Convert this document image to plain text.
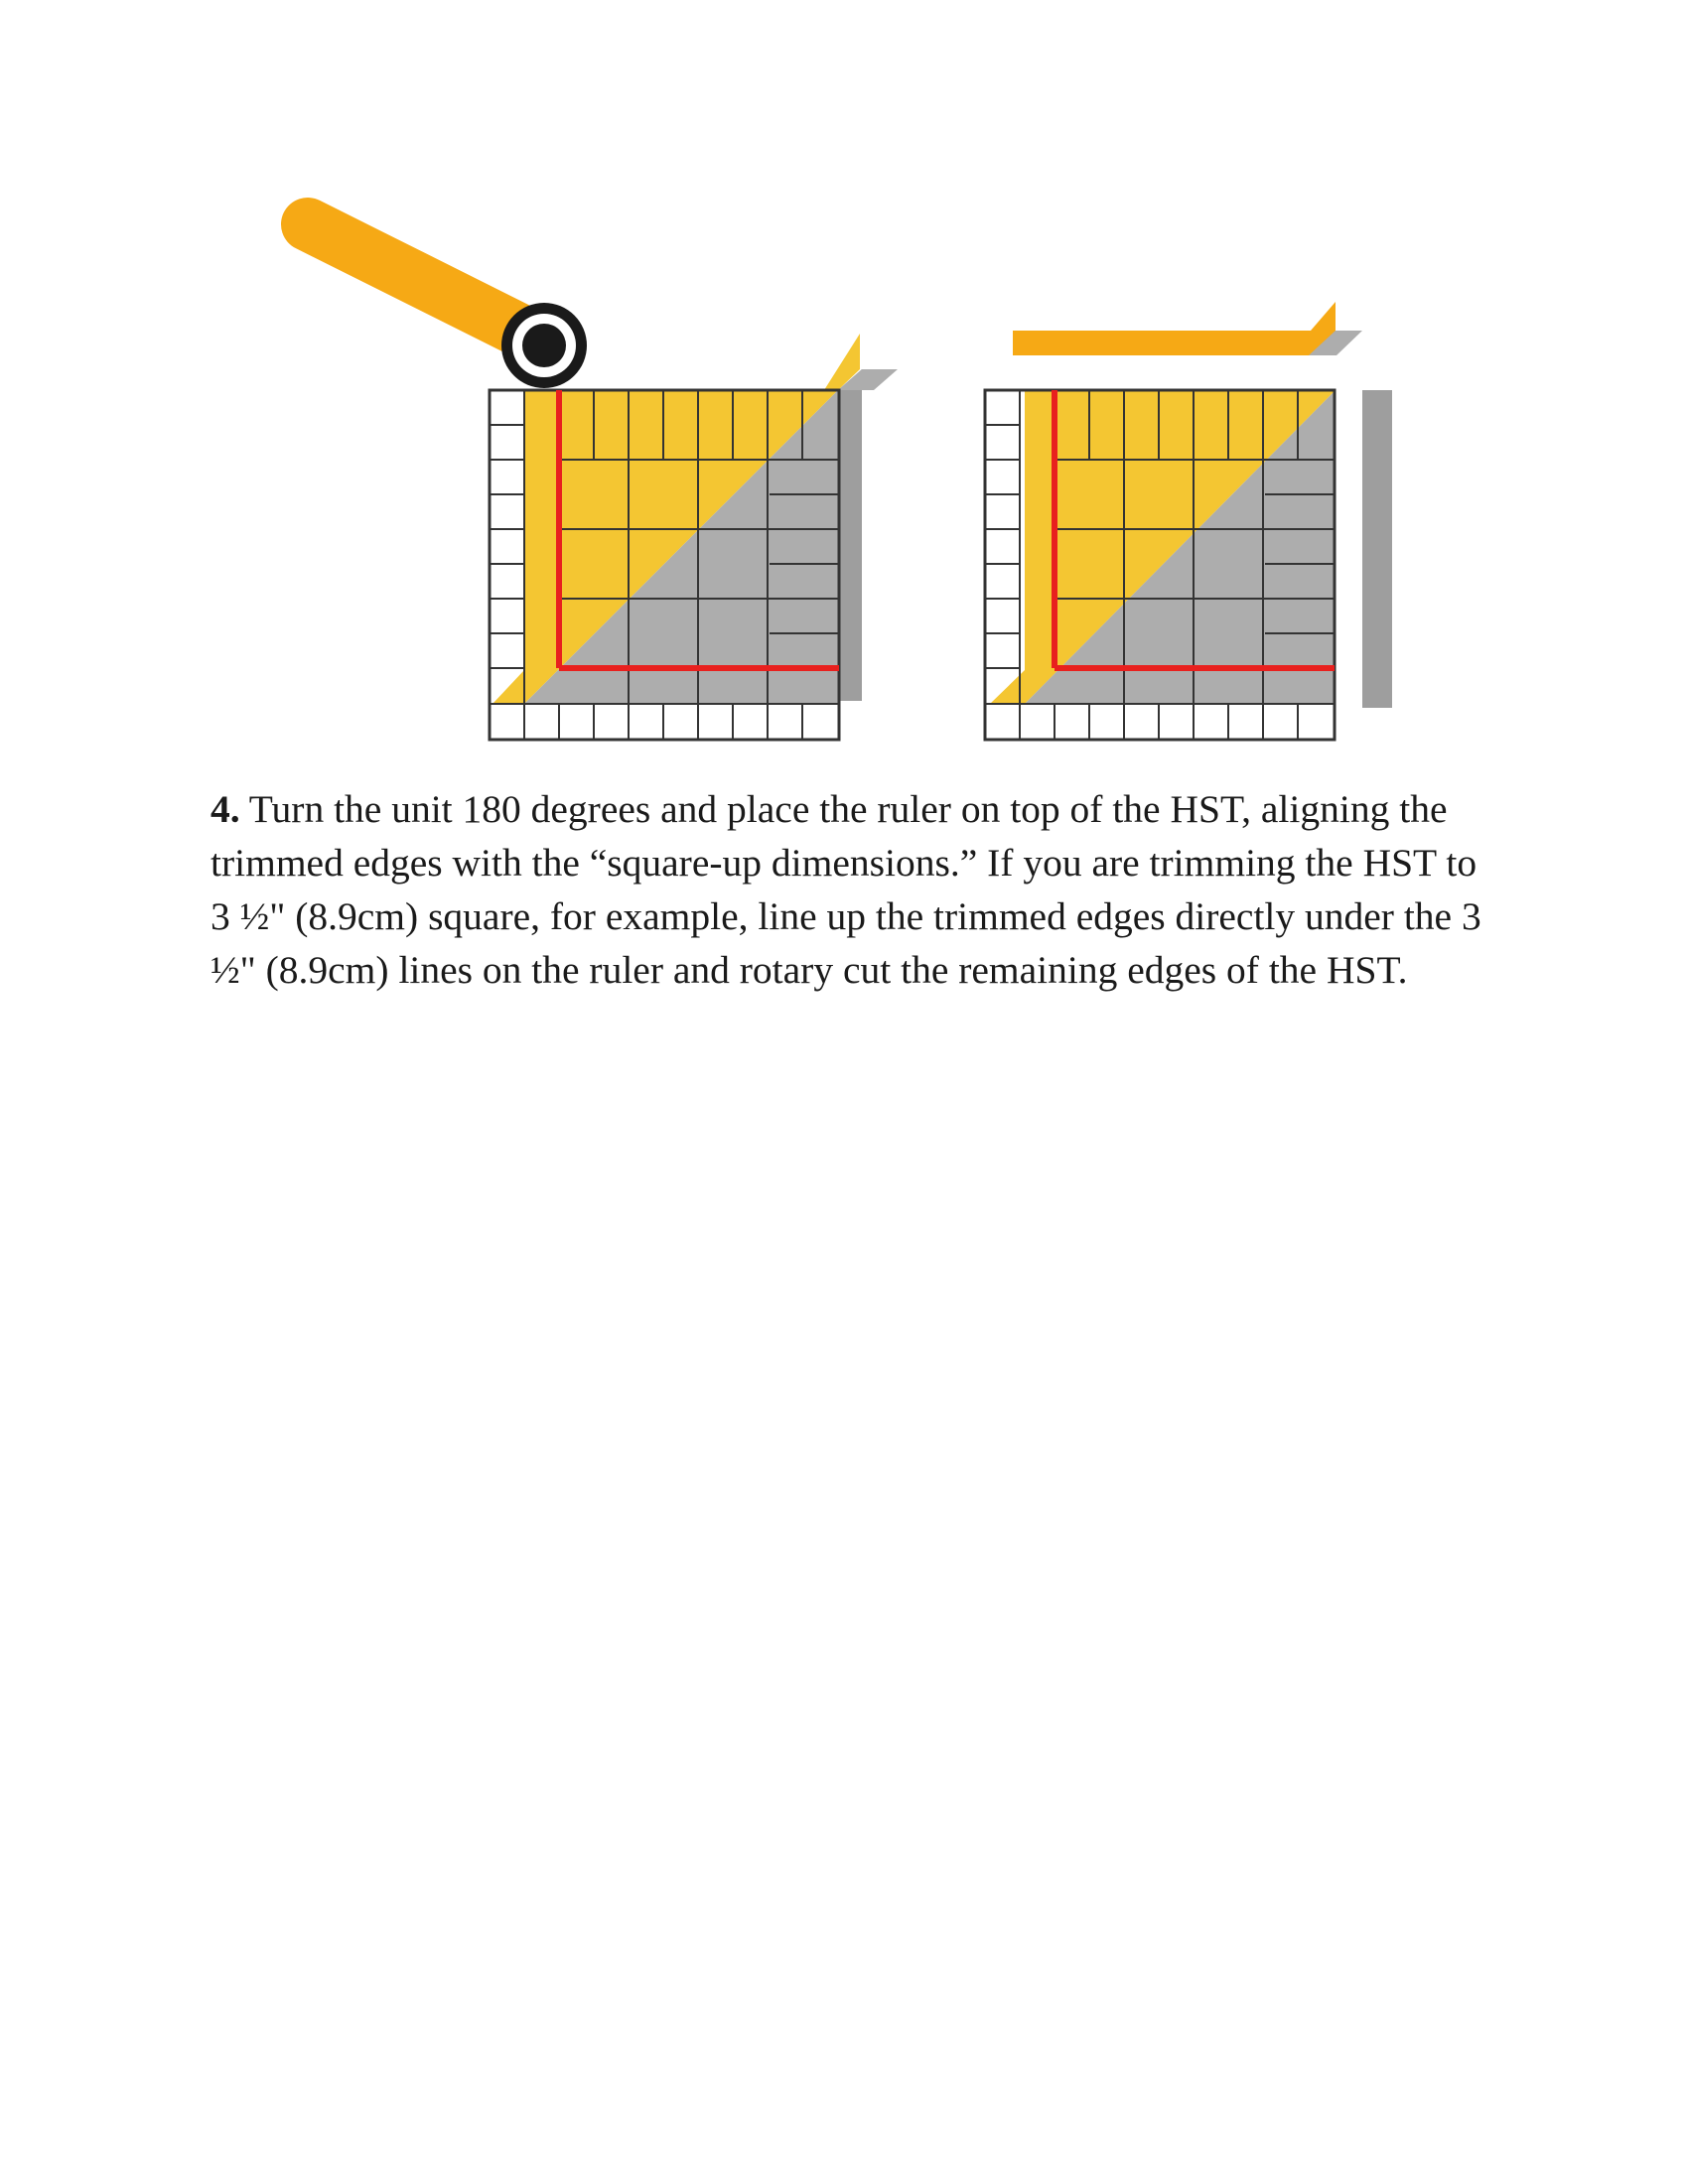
4. Turn the unit 180 degrees and place the ruler on top of the HST, aligning the trimmed edges with the “square-up dimensions.” If you are trimming the HST to 3 ½" (8.9cm) square, for example, line up the trimmed edges directly under the 3 ½" (8.9cm) lines on the ruler and rotary cut the remaining edges of the HST.
